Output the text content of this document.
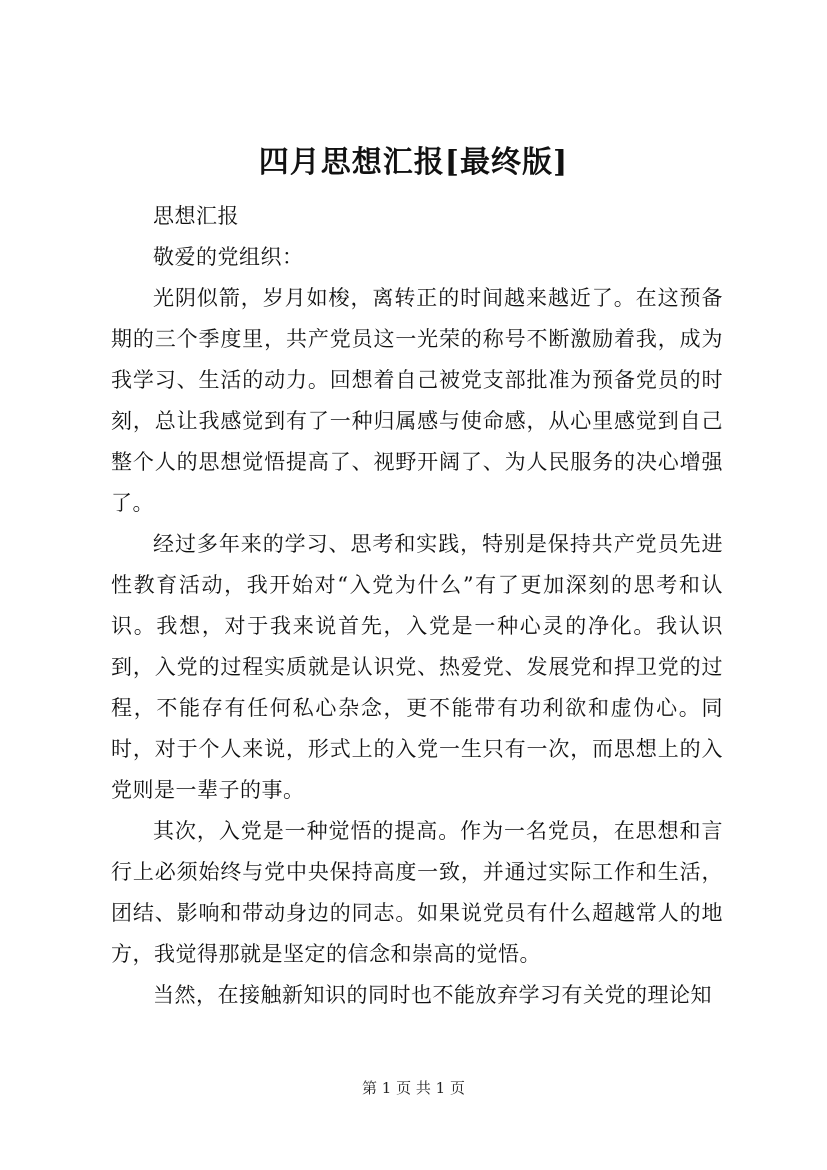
四月思想汇报[最终版]

思想汇报

敬爱的党组织：

光阴似箭，岁月如梭，离转正的时间越来越近了。在这预备期的三个季度里，共产党员这一光荣的称号不断激励着我，成为我学习、生活的动力。回想着自己被党支部批准为预备党员的时刻，总让我感觉到有了一种归属感与使命感，从心里感觉到自己整个人的思想觉悟提高了、视野开阔了、为人民服务的决心增强了。

经过多年来的学习、思考和实践，特别是保持共产党员先进性教育活动，我开始对“入党为什么”有了更加深刻的思考和认识。我想，对于我来说首先，入党是一种心灵的净化。我认识到，入党的过程实质就是认识党、热爱党、发展党和捍卫党的过程，不能存有任何私心杂念，更不能带有功利欲和虚伪心。同时，对于个人来说，形式上的入党一生只有一次，而思想上的入党则是一辈子的事。

其次，入党是一种觉悟的提高。作为一名党员，在思想和言行上必须始终与党中央保持高度一致，并通过实际工作和生活，团结、影响和带动身边的同志。如果说党员有什么超越常人的地方，我觉得那就是坚定的信念和崇高的觉悟。

当然，在接触新知识的同时也不能放弃学习有关党的理论知

第 1 页 共 1 页
